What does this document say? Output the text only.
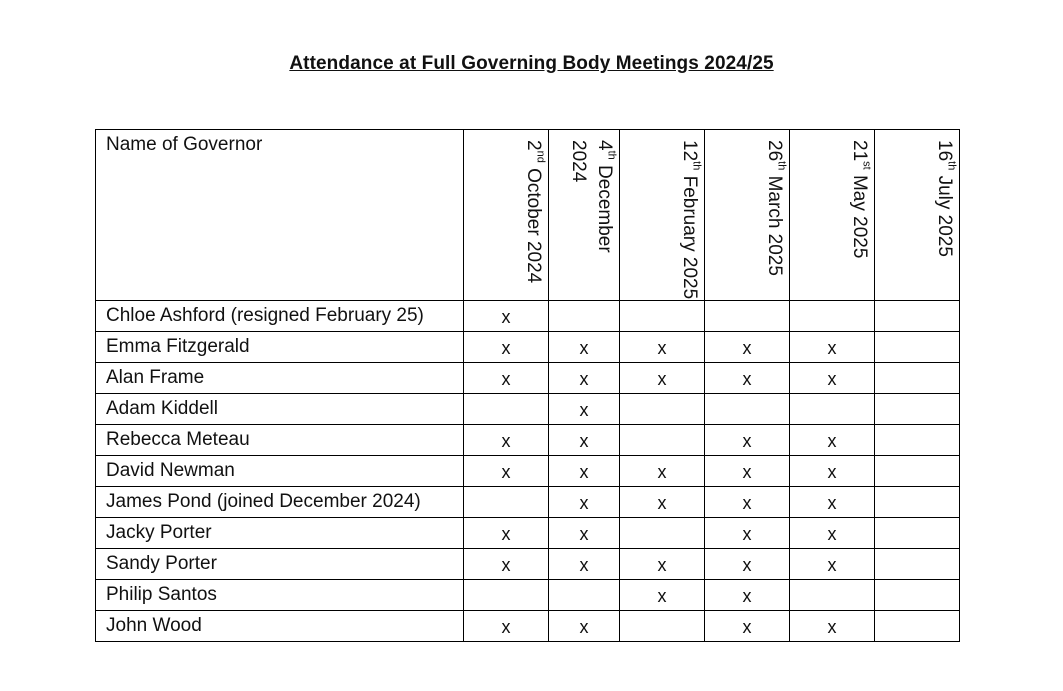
Attendance at Full Governing Body Meetings 2024/25
Name of Governor	2nd October 2024	4th December 2024	12th February 2025	26th March 2025	21st May 2025	16th July 2025

Chloe Ashford (resigned February 25)	x					
Emma Fitzgerald	x	x	x	x	x	
Alan Frame	x	x	x	x	x	
Adam Kiddell		x				
Rebecca Meteau	x	x		x	x	
David Newman	x	x	x	x	x	
James Pond (joined December 2024)		x	x	x	x	
Jacky Porter	x	x		x	x	
Sandy Porter	x	x	x	x	x	
Philip Santos			x	x		
John Wood	x	x		x	x	
